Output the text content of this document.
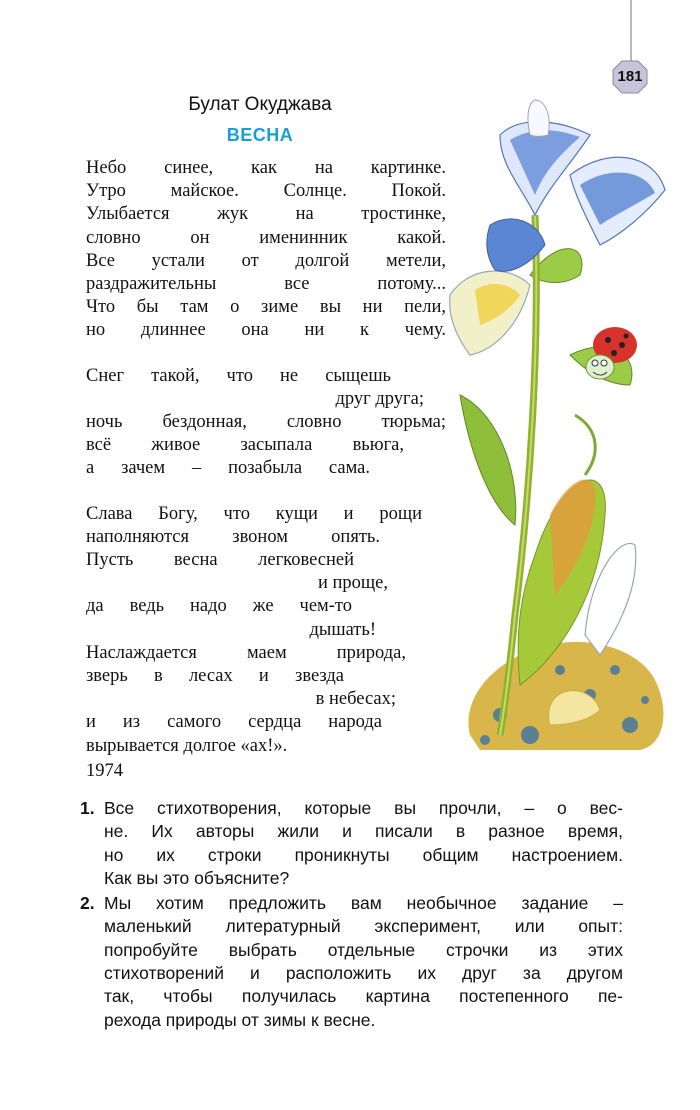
181
Булат Окуджава
ВЕСНА
Небо синее, как на картинке.
Утро майское. Солнце. Покой.
Улыбается жук на тростинке,
словно он именинник какой.
Все устали от долгой метели,
раздражительны все потому...
Что бы там о зиме вы ни пели,
но длиннее она ни к чему.
Снег такой, что не сыщешь
друг друга;
ночь бездонная, словно тюрьма;
всё живое засыпала вьюга,
а зачем – позабыла сама.
Слава Богу, что кущи и рощи
наполняются звоном опять.
Пусть весна легковесней
и проще,
да ведь надо же чем-то
дышать!
Наслаждается маем природа,
зверь в лесах и звезда
в небесах;
и из самого сердца народа
вырывается долгое «ах!».
1974
1. Все стихотворения, которые вы прочли, – о вес-
не. Их авторы жили и писали в разное время,
но их строки проникнуты общим настроением.
Как вы это объясните?
2. Мы хотим предложить вам необычное задание –
маленький литературный эксперимент, или опыт:
попробуйте выбрать отдельные строчки из этих
стихотворений и расположить их друг за другом
так, чтобы получилась картина постепенного пе-
рехода природы от зимы к весне.
